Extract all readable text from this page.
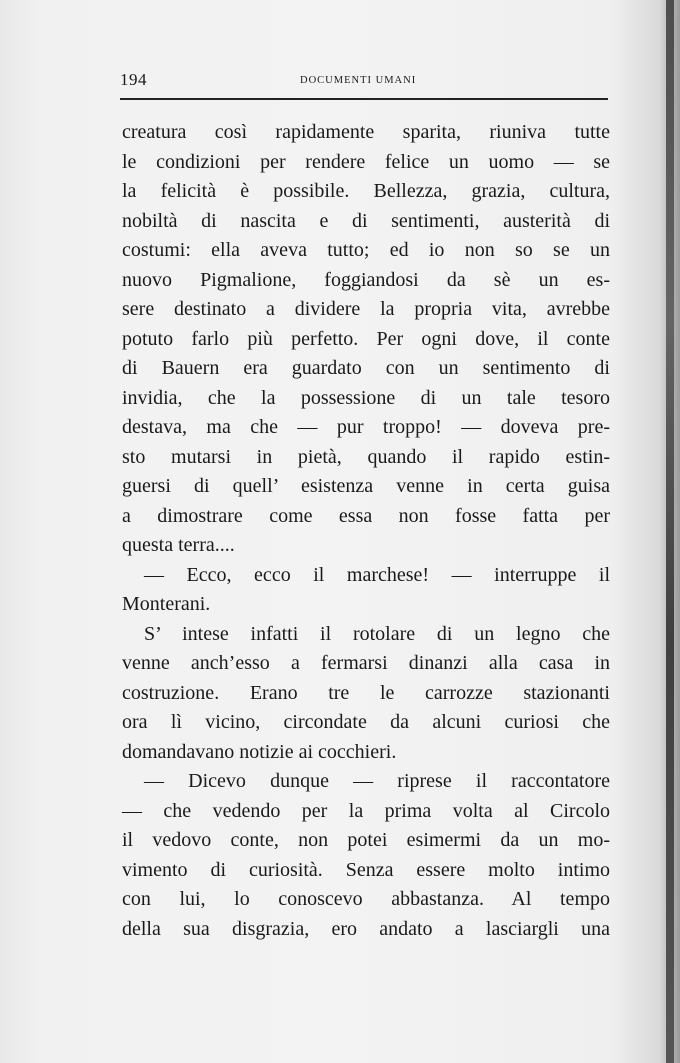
194	DOCUMENTI UMANI
creatura così rapidamente sparita, riuniva tutte
le condizioni per rendere felice un uomo — se
la felicità è possibile. Bellezza, grazia, cultura,
nobiltà di nascita e di sentimenti, austerità di
costumi: ella aveva tutto; ed io non so se un
nuovo Pigmalione, foggiandosi da sè un es-
sere destinato a dividere la propria vita, avrebbe
potuto farlo più perfetto. Per ogni dove, il conte
di Bauern era guardato con un sentimento di
invidia, che la possessione di un tale tesoro
destava, ma che — pur troppo! — doveva pre-
sto mutarsi in pietà, quando il rapido estin-
guersi di quell’ esistenza venne in certa guisa
a dimostrare come essa non fosse fatta per
questa terra....
— Ecco, ecco il marchese! — interruppe il
Monterani.
S’ intese infatti il rotolare di un legno che
venne anch’esso a fermarsi dinanzi alla casa in
costruzione. Erano tre le carrozze stazionanti
ora lì vicino, circondate da alcuni curiosi che
domandavano notizie ai cocchieri.
— Dicevo dunque — riprese il raccontatore
— che vedendo per la prima volta al Circolo
il vedovo conte, non potei esimermi da un mo-
vimento di curiosità. Senza essere molto intimo
con lui, lo conoscevo abbastanza. Al tempo
della sua disgrazia, ero andato a lasciargli una
